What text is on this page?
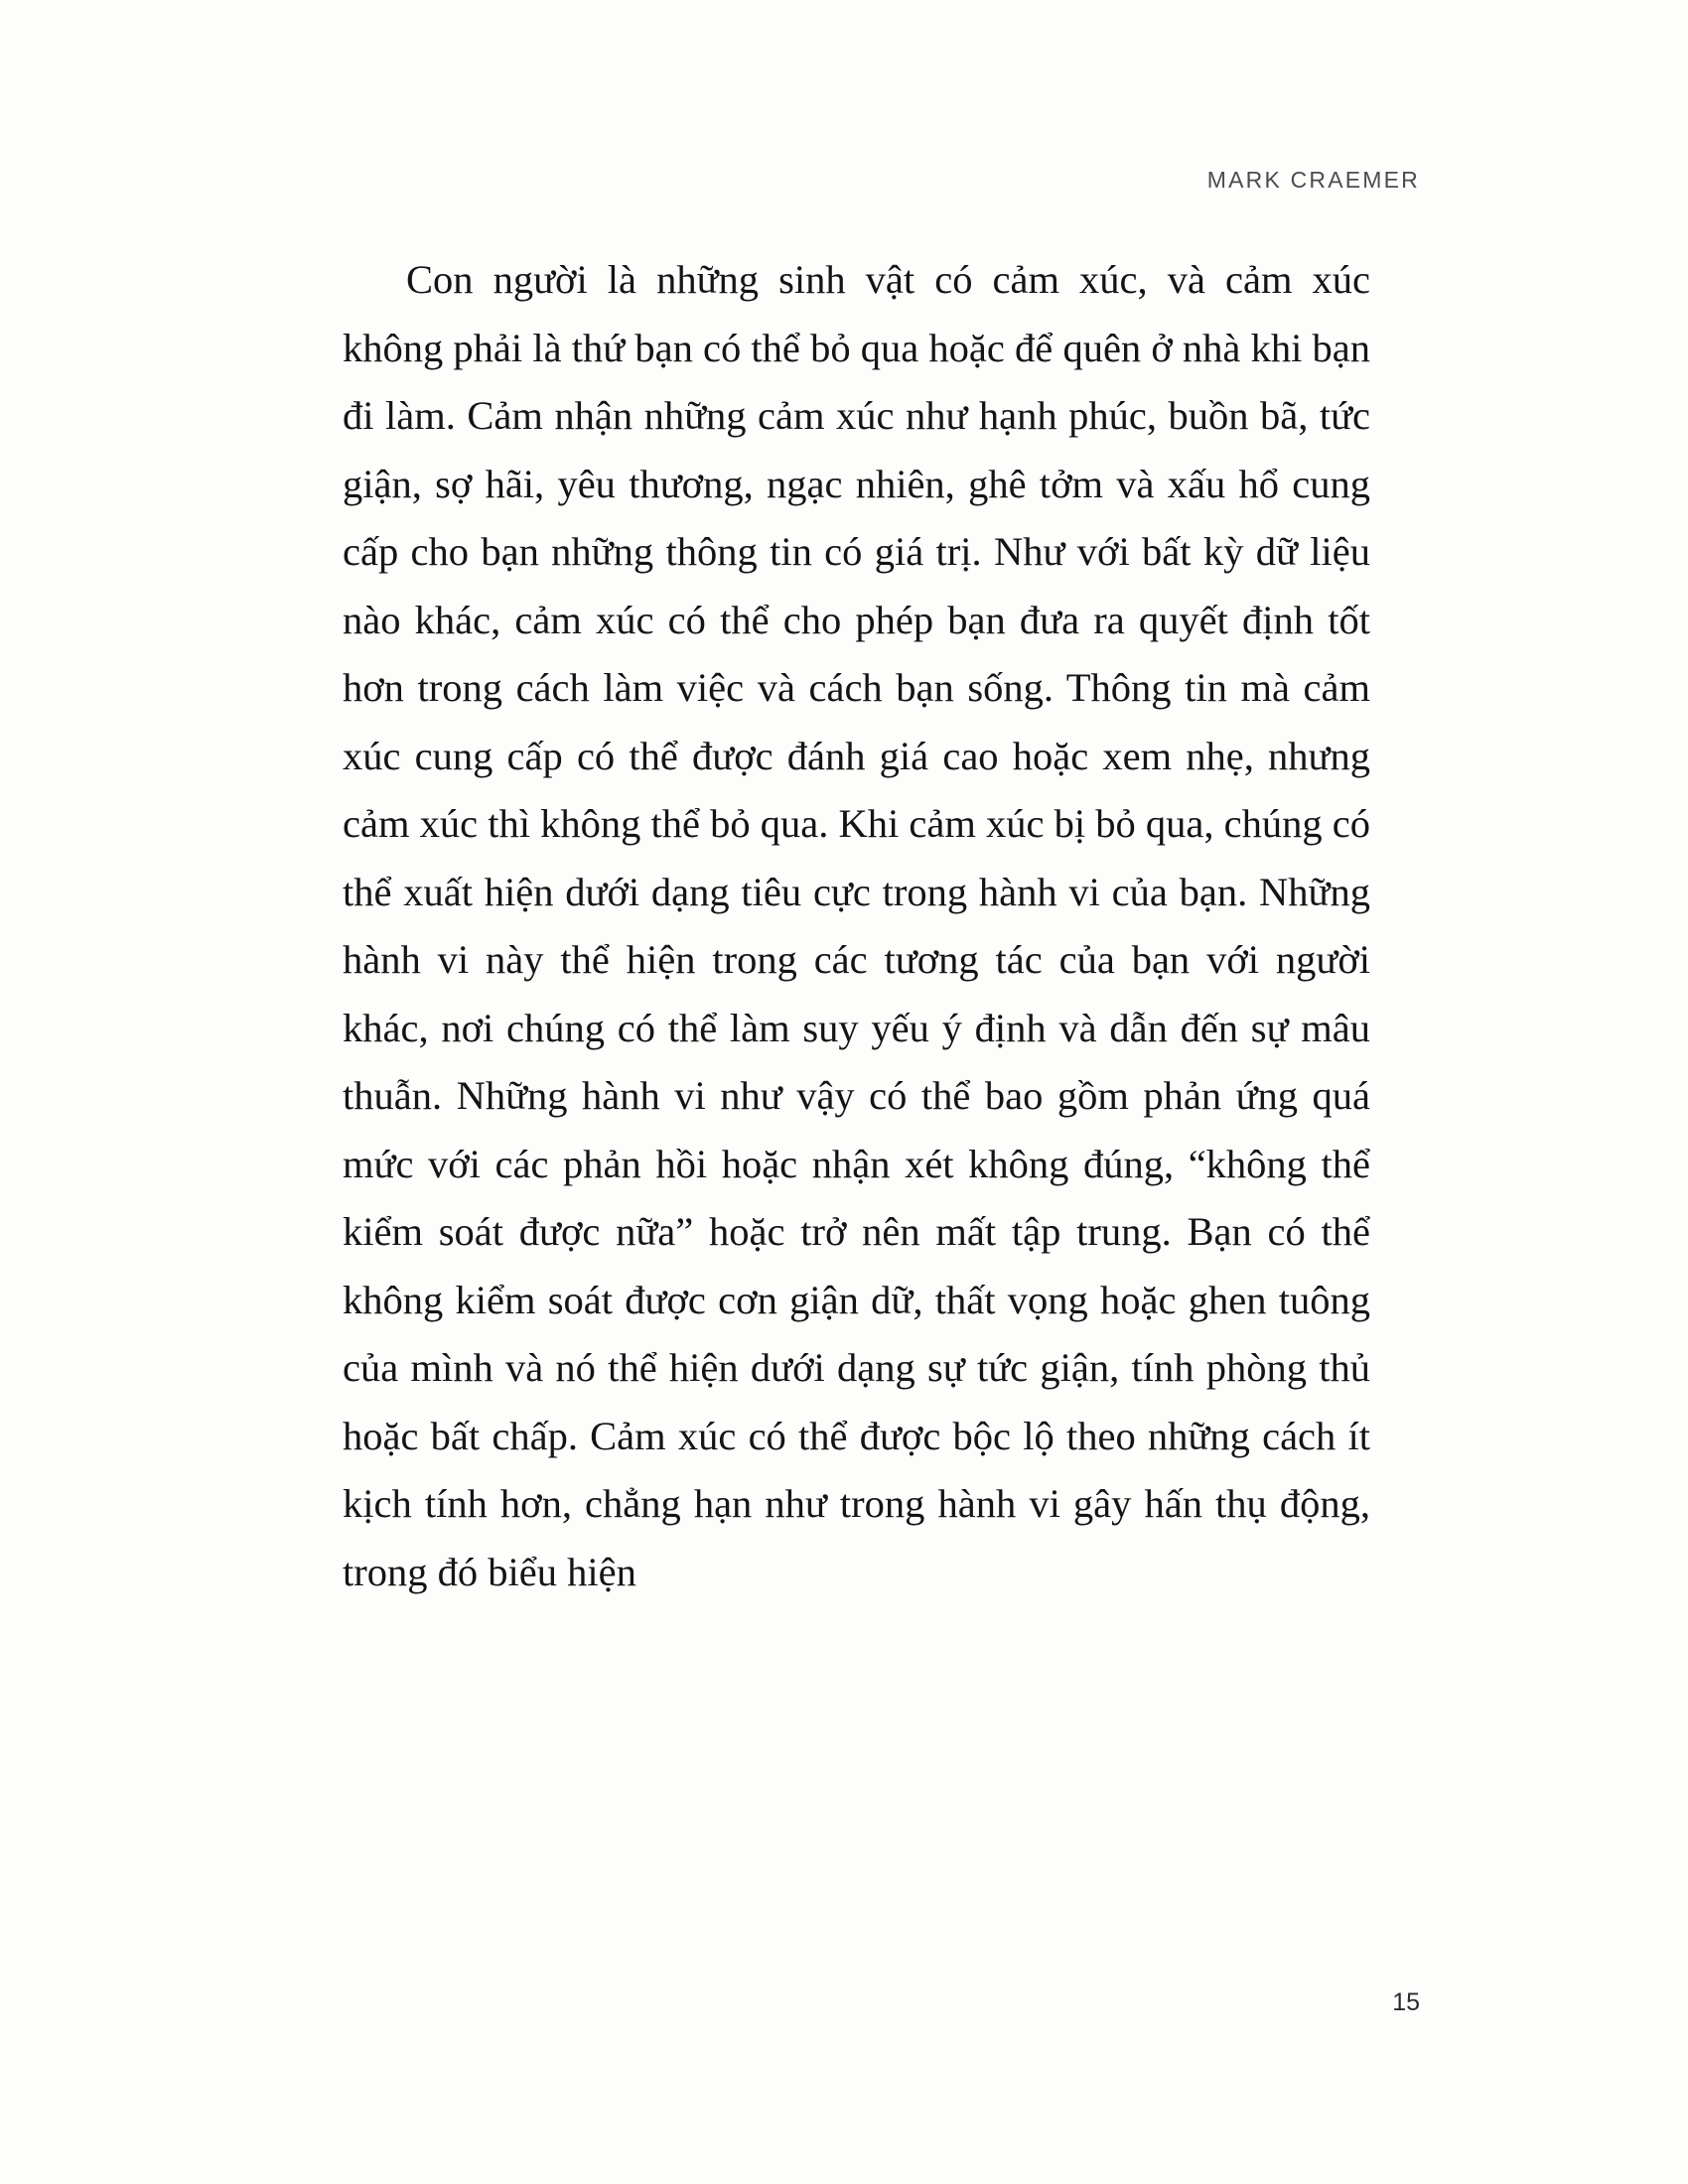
MARK CRAEMER

Con người là những sinh vật có cảm xúc, và cảm xúc không phải là thứ bạn có thể bỏ qua hoặc để quên ở nhà khi bạn đi làm. Cảm nhận những cảm xúc như hạnh phúc, buồn bã, tức giận, sợ hãi, yêu thương, ngạc nhiên, ghê tởm và xấu hổ cung cấp cho bạn những thông tin có giá trị. Như với bất kỳ dữ liệu nào khác, cảm xúc có thể cho phép bạn đưa ra quyết định tốt hơn trong cách làm việc và cách bạn sống. Thông tin mà cảm xúc cung cấp có thể được đánh giá cao hoặc xem nhẹ, nhưng cảm xúc thì không thể bỏ qua. Khi cảm xúc bị bỏ qua, chúng có thể xuất hiện dưới dạng tiêu cực trong hành vi của bạn. Những hành vi này thể hiện trong các tương tác của bạn với người khác, nơi chúng có thể làm suy yếu ý định và dẫn đến sự mâu thuẫn. Những hành vi như vậy có thể bao gồm phản ứng quá mức với các phản hồi hoặc nhận xét không đúng, “không thể kiểm soát được nữa” hoặc trở nên mất tập trung. Bạn có thể không kiểm soát được cơn giận dữ, thất vọng hoặc ghen tuông của mình và nó thể hiện dưới dạng sự tức giận, tính phòng thủ hoặc bất chấp. Cảm xúc có thể được bộc lộ theo những cách ít kịch tính hơn, chẳng hạn như trong hành vi gây hấn thụ động, trong đó biểu hiện

15
